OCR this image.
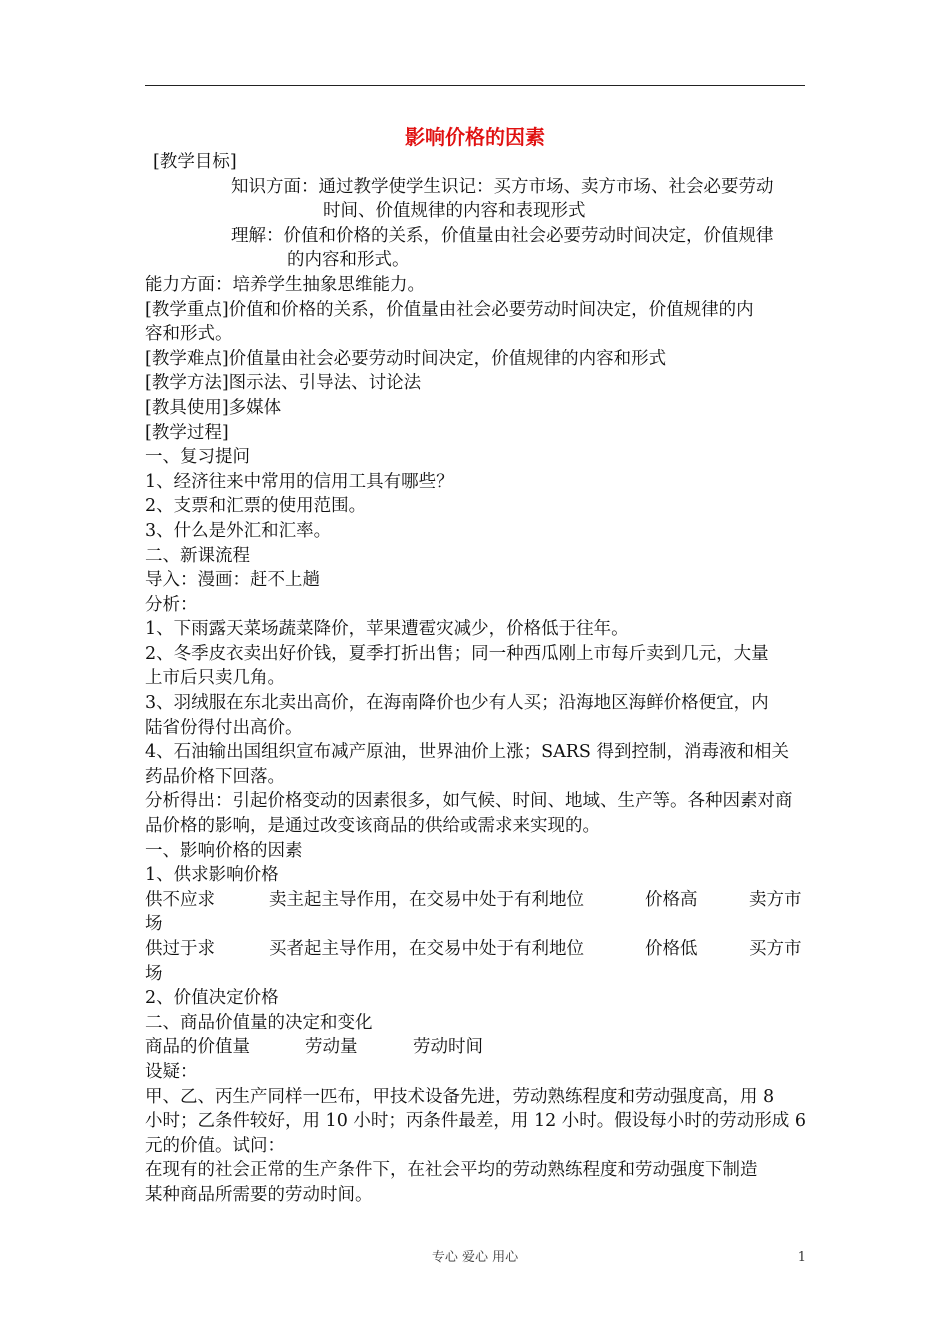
影响价格的因素

[教学目标]

知识方面：通过教学使学生识记：买方市场、卖方市场、社会必要劳动
时间、价值规律的内容和表现形式
理解：价值和价格的关系，价值量由社会必要劳动时间决定，价值规律
的内容和形式。

能力方面：培养学生抽象思维能力。

[教学重点]价值和价格的关系，价值量由社会必要劳动时间决定，价值规律的内

容和形式。

[教学难点]价值量由社会必要劳动时间决定，价值规律的内容和形式

[教学方法]图示法、引导法、讨论法

[教具使用]多媒体

[教学过程]

一、复习提问

1、经济往来中常用的信用工具有哪些？

2、支票和汇票的使用范围。

3、什么是外汇和汇率。

二、新课流程

导入：漫画：赶不上趟

分析：

1、下雨露天菜场蔬菜降价，苹果遭雹灾减少，价格低于往年。

2、冬季皮衣卖出好价钱，夏季打折出售；同一种西瓜刚上市每斤卖到几元，大量

上市后只卖几角。

3、羽绒服在东北卖出高价，在海南降价也少有人买；沿海地区海鲜价格便宜，内

陆省份得付出高价。

4、石油输出国组织宣布减产原油，世界油价上涨；SARS 得到控制，消毒液和相关

药品价格下回落。

分析得出：引起价格变动的因素很多，如气候、时间、地域、生产等。各种因素对商

品价格的影响，是通过改变该商品的供给或需求来实现的。

一、影响价格的因素

1、供求影响价格

供不应求	卖主起主导作用，在交易中处于有利地位	价格高	卖方市

场

供过于求	买者起主导作用，在交易中处于有利地位	价格低	买方市

场

2、价值决定价格

二、商品价值量的决定和变化

商品的价值量	劳动量	劳动时间

设疑：

甲、乙、丙生产同样一匹布，甲技术设备先进，劳动熟练程度和劳动强度高，用 8

小时；乙条件较好，用 10 小时；丙条件最差，用 12 小时。假设每小时的劳动形成 6

元的价值。试问：

在现有的社会正常的生产条件下，在社会平均的劳动熟练程度和劳动强度下制造

某种商品所需要的劳动时间。

专心 爱心 用心	1
